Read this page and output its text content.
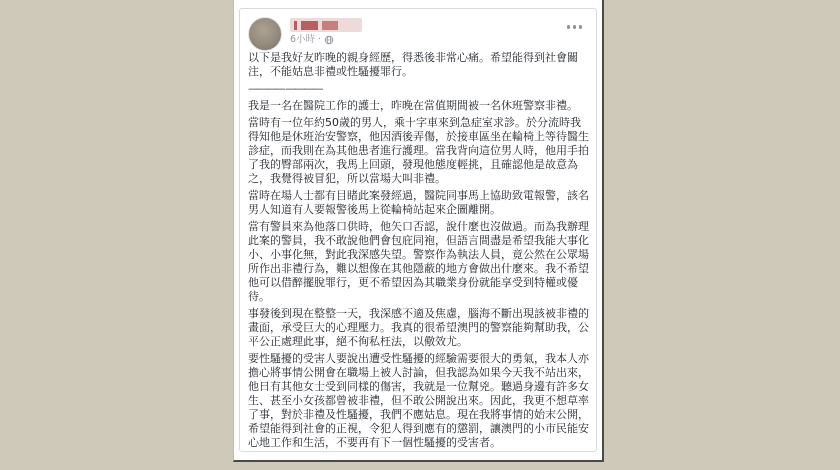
6小時 ·

以下是我好友昨晚的親身經歷，得悉後非常心痛。希望能得到社會關注，不能姑息非禮或性騷擾罪行。

———— ————

我是一名在醫院工作的護士，昨晚在當值期間被一名休班警察非禮。

當時有一位年約50歲的男人，乘十字車來到急症室求診。於分流時我得知他是休班治安警察，他因酒後弄傷，於接車區坐在輪椅上等待醫生診症，而我則在為其他患者進行護理。當我背向這位男人時，他用手拍了我的臀部兩次，我馬上回頭，發現他態度輕挑，且確認他是故意為之，我覺得被冒犯，所以當場大叫非禮。

當時在場人士都有目睹此案發經過，醫院同事馬上協助致電報警，該名男人知道有人要報警後馬上從輪椅站起來企圖離開。

當有警員來為他落口供時，他矢口否認，說什麼也沒做過。而為我辦理此案的警員，我不敢說他們會包庇同袍，但語言間盡是希望我能大事化小、小事化無，對此我深感失望。警察作為執法人員，竟公然在公眾場所作出非禮行為，難以想像在其他隱蔽的地方會做出什麼來。我不希望他可以借醉擺脫罪行，更不希望因為其職業身份就能享受到特權或優待。

事發後到現在整整一天，我深感不適及焦慮，腦海不斷出現該被非禮的畫面，承受巨大的心理壓力。我真的很希望澳門的警察能夠幫助我，公平公正處理此事，絕不徇私枉法，以儆效尤。

要性騷擾的受害人要說出遭受性騷擾的經驗需要很大的勇氣，我本人亦擔心將事情公開會在職場上被人討論，但我認為如果今天我不站出來，他日有其他女士受到同樣的傷害，我就是一位幫兇。聽過身邊有許多女生、甚至小女孩都曾被非禮，但不敢公開說出來。因此，我更不想草率了事，對於非禮及性騷擾，我們不應姑息。現在我將事情的始末公開，希望能得到社會的正視，令犯人得到應有的懲罰，讓澳門的小市民能安心地工作和生活，不要再有下一個性騷擾的受害者。
